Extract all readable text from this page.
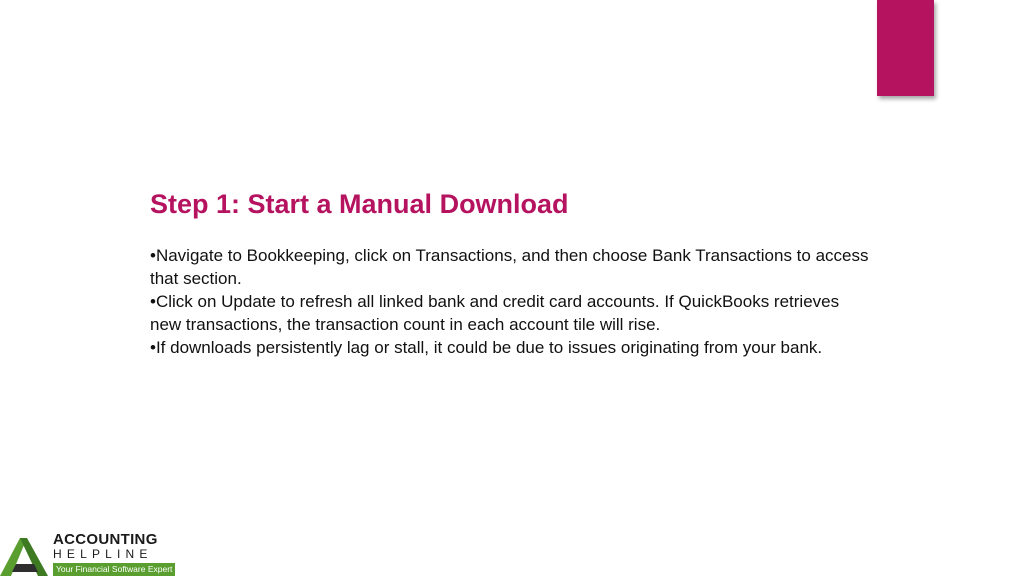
Step 1: Start a Manual Download
•Navigate to Bookkeeping, click on Transactions, and then choose Bank Transactions to access that section.
•Click on Update to refresh all linked bank and credit card accounts. If QuickBooks retrieves new transactions, the transaction count in each account tile will rise.
•If downloads persistently lag or stall, it could be due to issues originating from your bank.
ACCOUNTING
HELPLINE
Your Financial Software Expert
